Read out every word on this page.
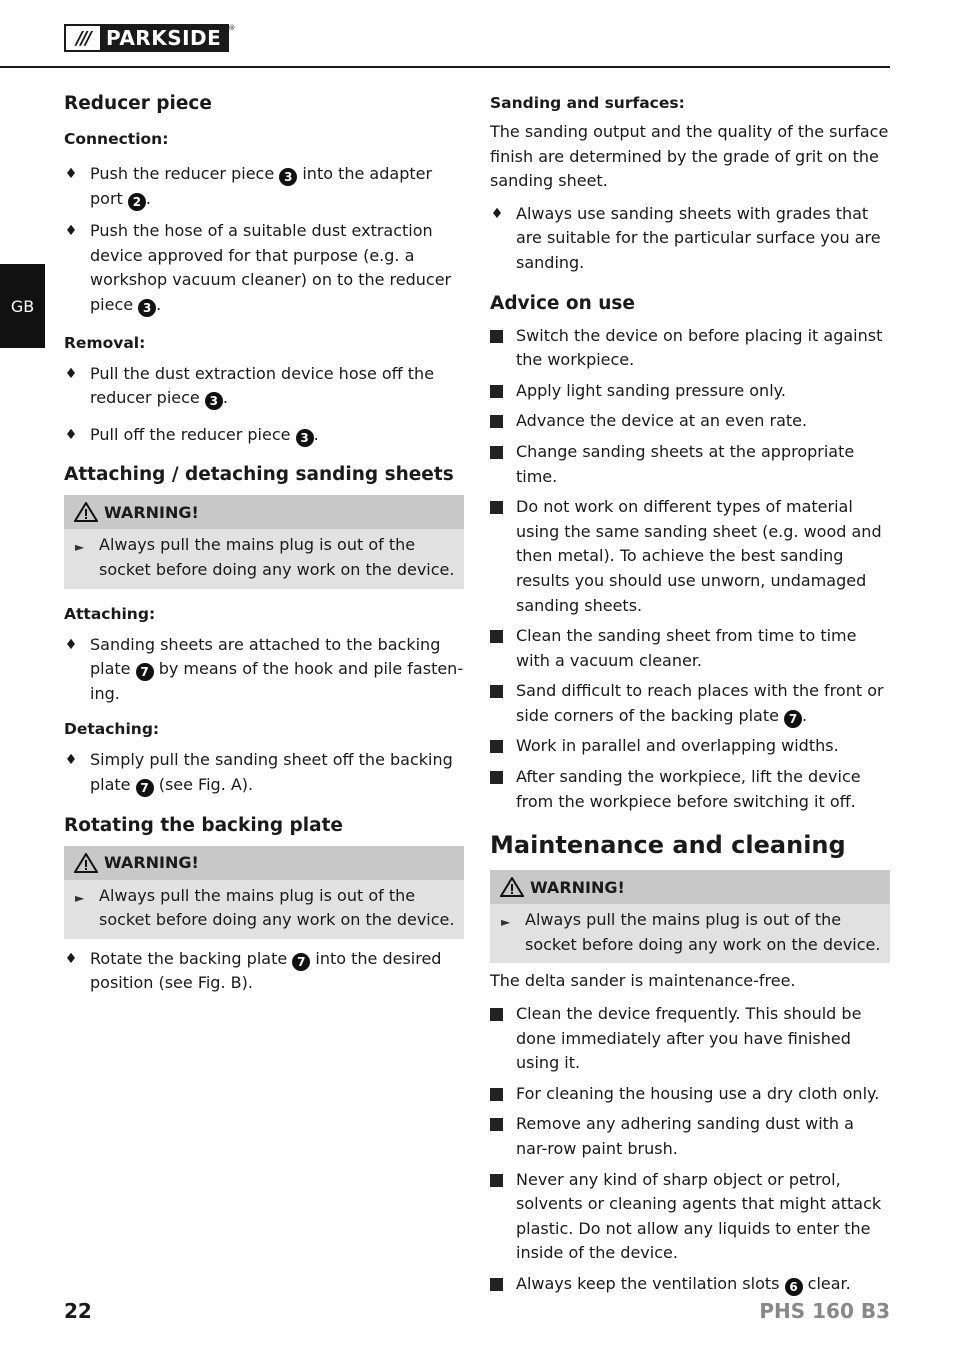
/// PARKSIDE	®
GB
Reducer piece
Connection:
♦ Push the reducer piece 3 into the adapter port 2 .
♦ Push the hose of a suitable dust extraction device approved for that purpose (e.g. a workshop vacuum cleaner) on to the reducer piece 3 .
Removal:
♦ Pull the dust extraction device hose off the reducer piece 3 .
♦ Pull off the reducer piece 3 .
Attaching / detaching sanding sheets
WARNING!
► Always pull the mains plug is out of the socket before doing any work on the device.
Attaching:
♦ Sanding sheets are attached to the backing plate 7 by means of the hook and pile fasten-ing.
Detaching:
♦ Simply pull the sanding sheet off the backing plate 7 (see Fig. A).
Rotating the backing plate
WARNING!
► Always pull the mains plug is out of the socket before doing any work on the device.
♦ Rotate the backing plate 7 into the desired position (see Fig. B).
Sanding and surfaces:

The sanding output and the quality of the surface finish are determined by the grade of grit on the sanding sheet.

♦ Always use sanding sheets with grades that are suitable for the particular surface you are sanding.
Advice on use
Switch the device on before placing it against the workpiece.
Apply light sanding pressure only.
Advance the device at an even rate.
Change sanding sheets at the appropriate time.
Do not work on different types of material using the same sanding sheet (e.g. wood and then metal). To achieve the best sanding results you should use unworn, undamaged sanding sheets.
Clean the sanding sheet from time to time with a vacuum cleaner.
Sand difficult to reach places with the front or side corners of the backing plate 7 .
Work in parallel and overlapping widths.
After sanding the workpiece, lift the device from the workpiece before switching it off.
Maintenance and cleaning
WARNING!
► Always pull the mains plug is out of the socket before doing any work on the device.

The delta sander is maintenance-free.

Clean the device frequently. This should be done immediately after you have finished using it.
For cleaning the housing use a dry cloth only.
Remove any adhering sanding dust with a nar-row paint brush.
Never any kind of sharp object or petrol, solvents or cleaning agents that might attack plastic. Do not allow any liquids to enter the inside of the device.
Always keep the ventilation slots 6 clear.
22	PHS 160 B3
